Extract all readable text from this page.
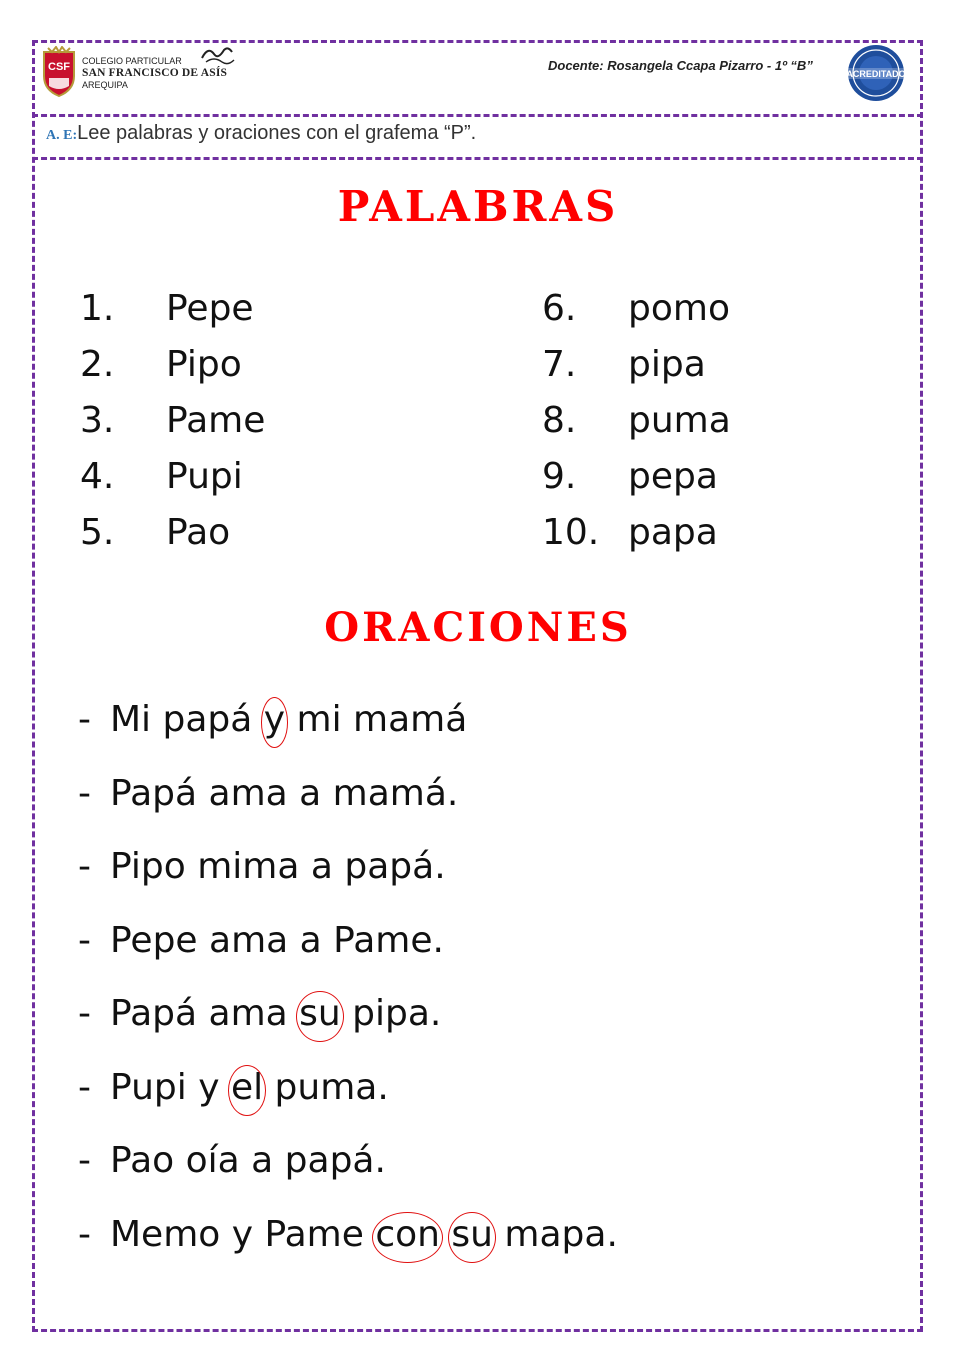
CSF COLEGIO PARTICULAR
SAN FRANCISCO DE ASÍS
AREQUIPA
Docente: Rosangela Ccapa Pizarro - 1º “B”
ACREDITADO
A. E:Lee palabras y oraciones con el grafema “P”.
PALABRAS
1.	Pepe
2.	Pipo
3.	Pame
4.	Pupi
5.	Pao
6.	pomo
7.	pipa
8.	puma
9.	pepa
10. papa
ORACIONES
- Mi papá y mi mamá
- Papá ama a mamá.
- Pipo mima a papá.
- Pepe ama a Pame.
- Papá ama su pipa.
- Pupi y el puma.
- Pao oía a papá.
- Memo y Pame con su mapa.
